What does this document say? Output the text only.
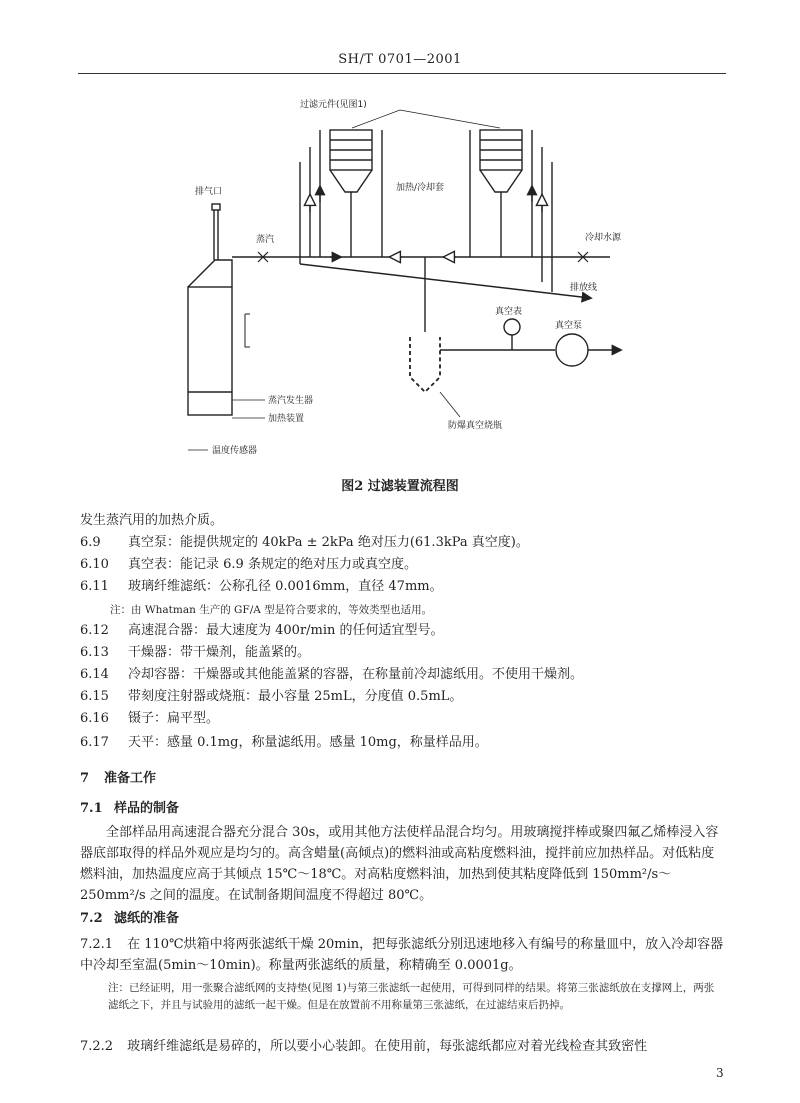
SH/T 0701—2001
过滤元件(见图1)
排气口
蒸汽
加热/冷却套
冷却水源
排放线
真空表
真空泵
蒸汽发生器
加热装置
防爆真空烧瓶
温度传感器
图2 过滤装置流程图
发生蒸汽用的加热介质。
6.9 真空泵：能提供规定的 40kPa ± 2kPa 绝对压力(61.3kPa 真空度)。
6.10 真空表：能记录 6.9 条规定的绝对压力或真空度。
6.11 玻璃纤维滤纸：公称孔径 0.0016mm，直径 47mm。
注：由 Whatman 生产的 GF/A 型是符合要求的，等效类型也适用。
6.12 高速混合器：最大速度为 400r/min 的任何适宜型号。
6.13 干燥器：带干燥剂，能盖紧的。
6.14 冷却容器：干燥器或其他能盖紧的容器，在称量前冷却滤纸用。不使用干燥剂。
6.15 带刻度注射器或烧瓶：最小容量 25mL，分度值 0.5mL。
6.16 镊子：扁平型。
6.17 天平：感量 0.1mg，称量滤纸用。感量 10mg，称量样品用。
7 准备工作
7.1 样品的制备
全部样品用高速混合器充分混合 30s，或用其他方法使样品混合均匀。用玻璃搅拌棒或聚四氟乙烯棒浸入容器底部取得的样品外观应是均匀的。高含蜡量(高倾点)的燃料油或高粘度燃料油，搅拌前应加热样品。对低粘度燃料油，加热温度应高于其倾点 15℃～18℃。对高粘度燃料油，加热到使其粘度降低到 150mm²/s～250mm²/s 之间的温度。在试制备期间温度不得超过 80℃。
7.2 滤纸的准备
7.2.1 在 110℃烘箱中将两张滤纸干燥 20min，把每张滤纸分别迅速地移入有编号的称量皿中，放入冷却容器中冷却至室温(5min～10min)。称量两张滤纸的质量，称精确至 0.0001g。
注：已经证明，用一张聚合滤纸网的支持垫(见图 1)与第三张滤纸一起使用，可得到同样的结果。将第三张滤纸放在支撑网上，两张滤纸之下，并且与试验用的滤纸一起干燥。但是在放置前不用称量第三张滤纸，在过滤结束后扔掉。
7.2.2 玻璃纤维滤纸是易碎的，所以要小心装卸。在使用前，每张滤纸都应对着光线检查其致密性
3
